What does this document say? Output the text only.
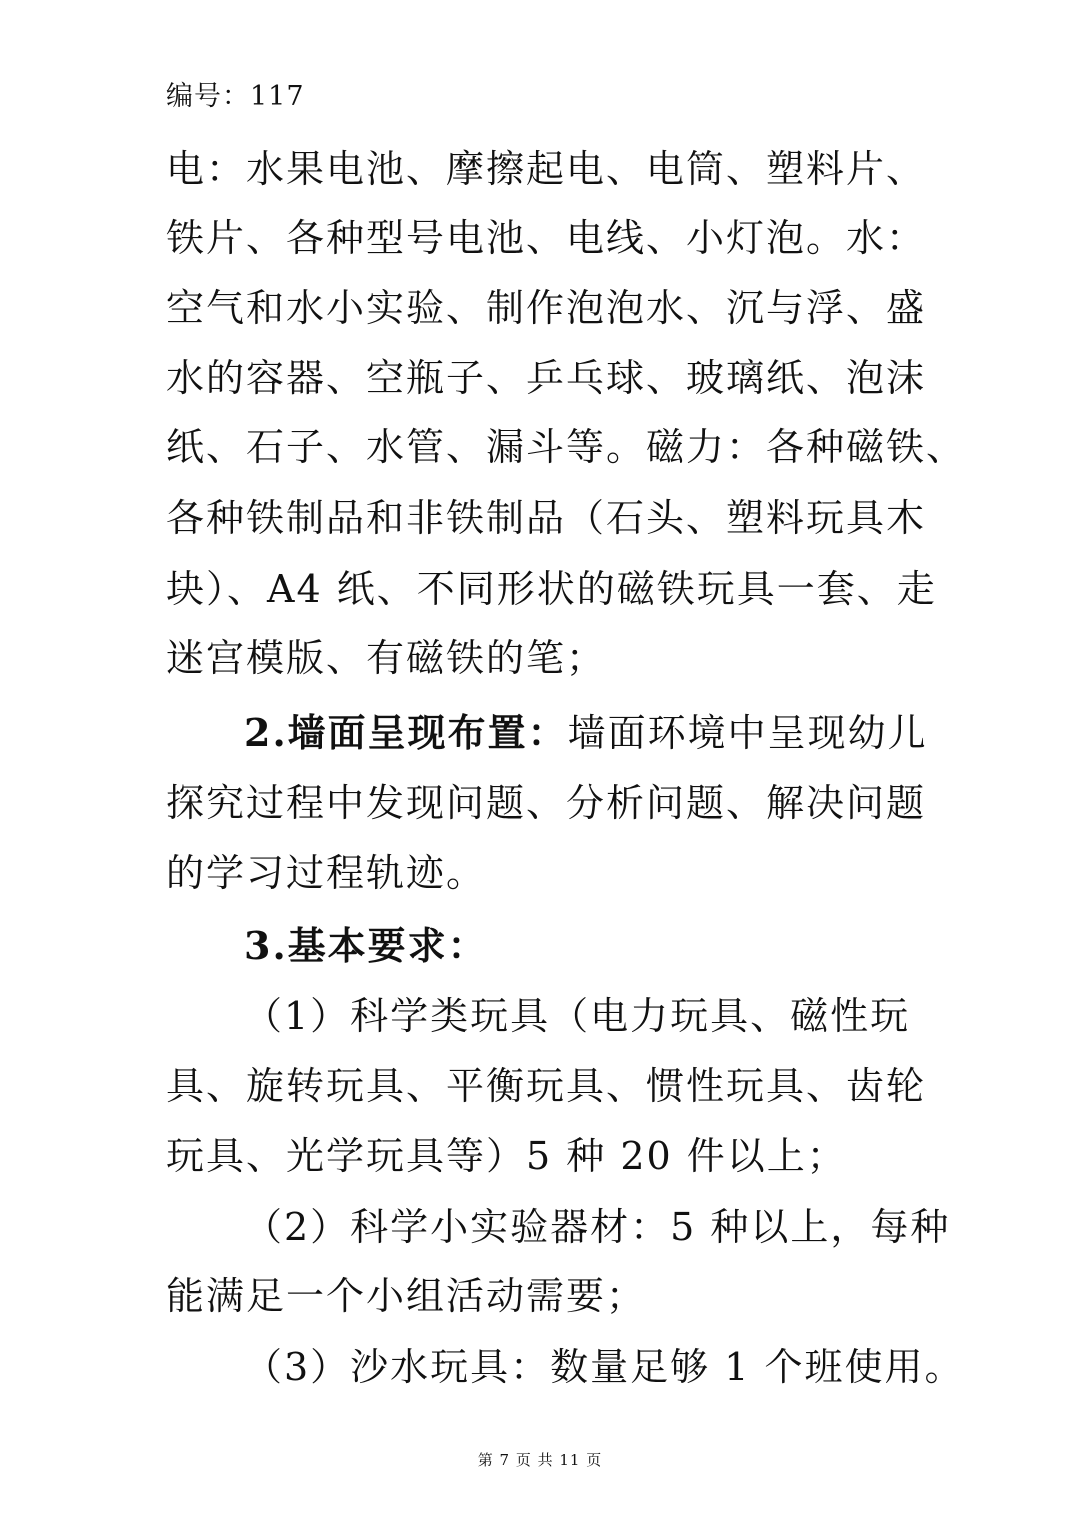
编号：117
电：水果电池、摩擦起电、电筒、塑料片、
铁片、各种型号电池、电线、小灯泡。水：
空气和水小实验、制作泡泡水、沉与浮、盛
水的容器、空瓶子、乒乓球、玻璃纸、泡沫
纸、石子、水管、漏斗等。磁力：各种磁铁、
各种铁制品和非铁制品（石头、塑料玩具木
块）、A4 纸、不同形状的磁铁玩具一套、走
迷宫模版、有磁铁的笔；
2.墙面呈现布置：墙面环境中呈现幼儿
探究过程中发现问题、分析问题、解决问题
的学习过程轨迹。
3.基本要求：
（1）科学类玩具（电力玩具、磁性玩
具、旋转玩具、平衡玩具、惯性玩具、齿轮
玩具、光学玩具等）5 种 20 件以上；
（2）科学小实验器材：5 种以上，每种
能满足一个小组活动需要；
（3）沙水玩具：数量足够 1 个班使用。
第 7 页 共 11 页
